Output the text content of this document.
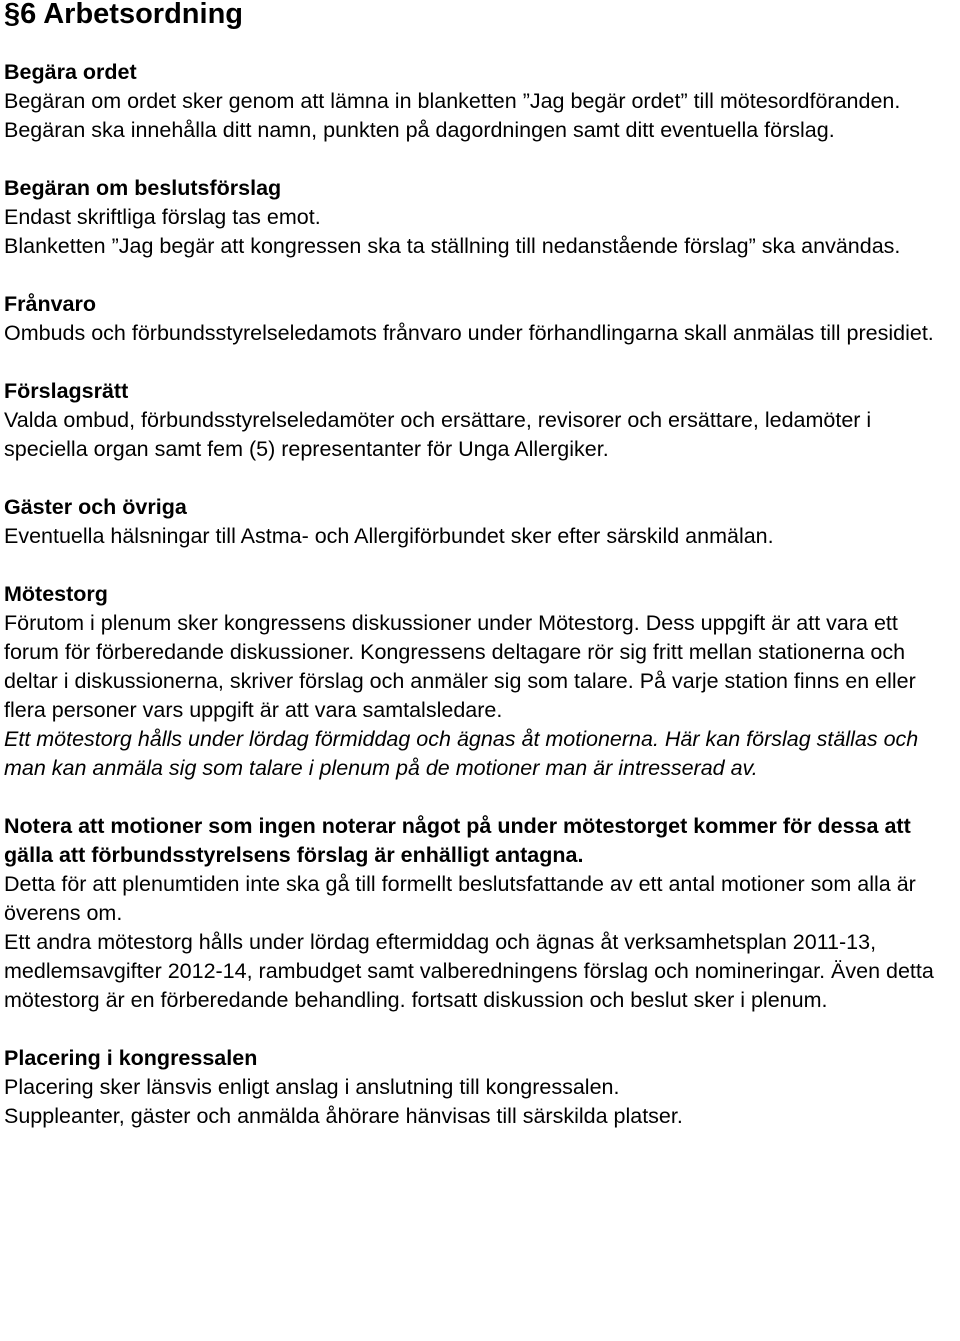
§6 Arbetsordning
Begära ordet

Begäran om ordet sker genom att lämna in blanketten ”Jag begär ordet” till mötesordföranden.

Begäran ska innehålla ditt namn, punkten på dagordningen samt ditt eventuella förslag.

Begäran om beslutsförslag

Endast skriftliga förslag tas emot.

Blanketten ”Jag begär att kongressen ska ta ställning till nedanstående förslag” ska användas.

Frånvaro

Ombuds och förbundsstyrelseledamots frånvaro under förhandlingarna skall anmälas till presidiet.

Förslagsrätt

Valda ombud, förbundsstyrelseledamöter och ersättare, revisorer och ersättare, ledamöter i speciella organ samt fem (5) representanter för Unga Allergiker.

Gäster och övriga

Eventuella hälsningar till Astma- och Allergiförbundet sker efter särskild anmälan.

Mötestorg

Förutom i plenum sker kongressens diskussioner under Mötestorg. Dess uppgift är att vara ett forum för förberedande diskussioner. Kongressens deltagare rör sig fritt mellan stationerna och deltar i diskussionerna, skriver förslag och anmäler sig som talare. På varje station finns en eller flera personer vars uppgift är att vara samtalsledare.

Ett mötestorg hålls under lördag förmiddag och ägnas åt motionerna. Här kan förslag ställas och man kan anmäla sig som talare i plenum på de motioner man är intresserad av.

Notera att motioner som ingen noterar något på under mötestorget kommer för dessa att gälla att förbundsstyrelsens förslag är enhälligt antagna.

Detta för att plenumtiden inte ska gå till formellt beslutsfattande av ett antal motioner som alla är överens om.

Ett andra mötestorg hålls under lördag eftermiddag och ägnas åt verksamhetsplan 2011-13, medlemsavgifter 2012-14, rambudget samt valberedningens förslag och nomineringar. Även detta mötestorg är en förberedande behandling. fortsatt diskussion och beslut sker i plenum.

Placering i kongressalen

Placering sker länsvis enligt anslag i anslutning till kongressalen.

Suppleanter, gäster och anmälda åhörare hänvisas till särskilda platser.
